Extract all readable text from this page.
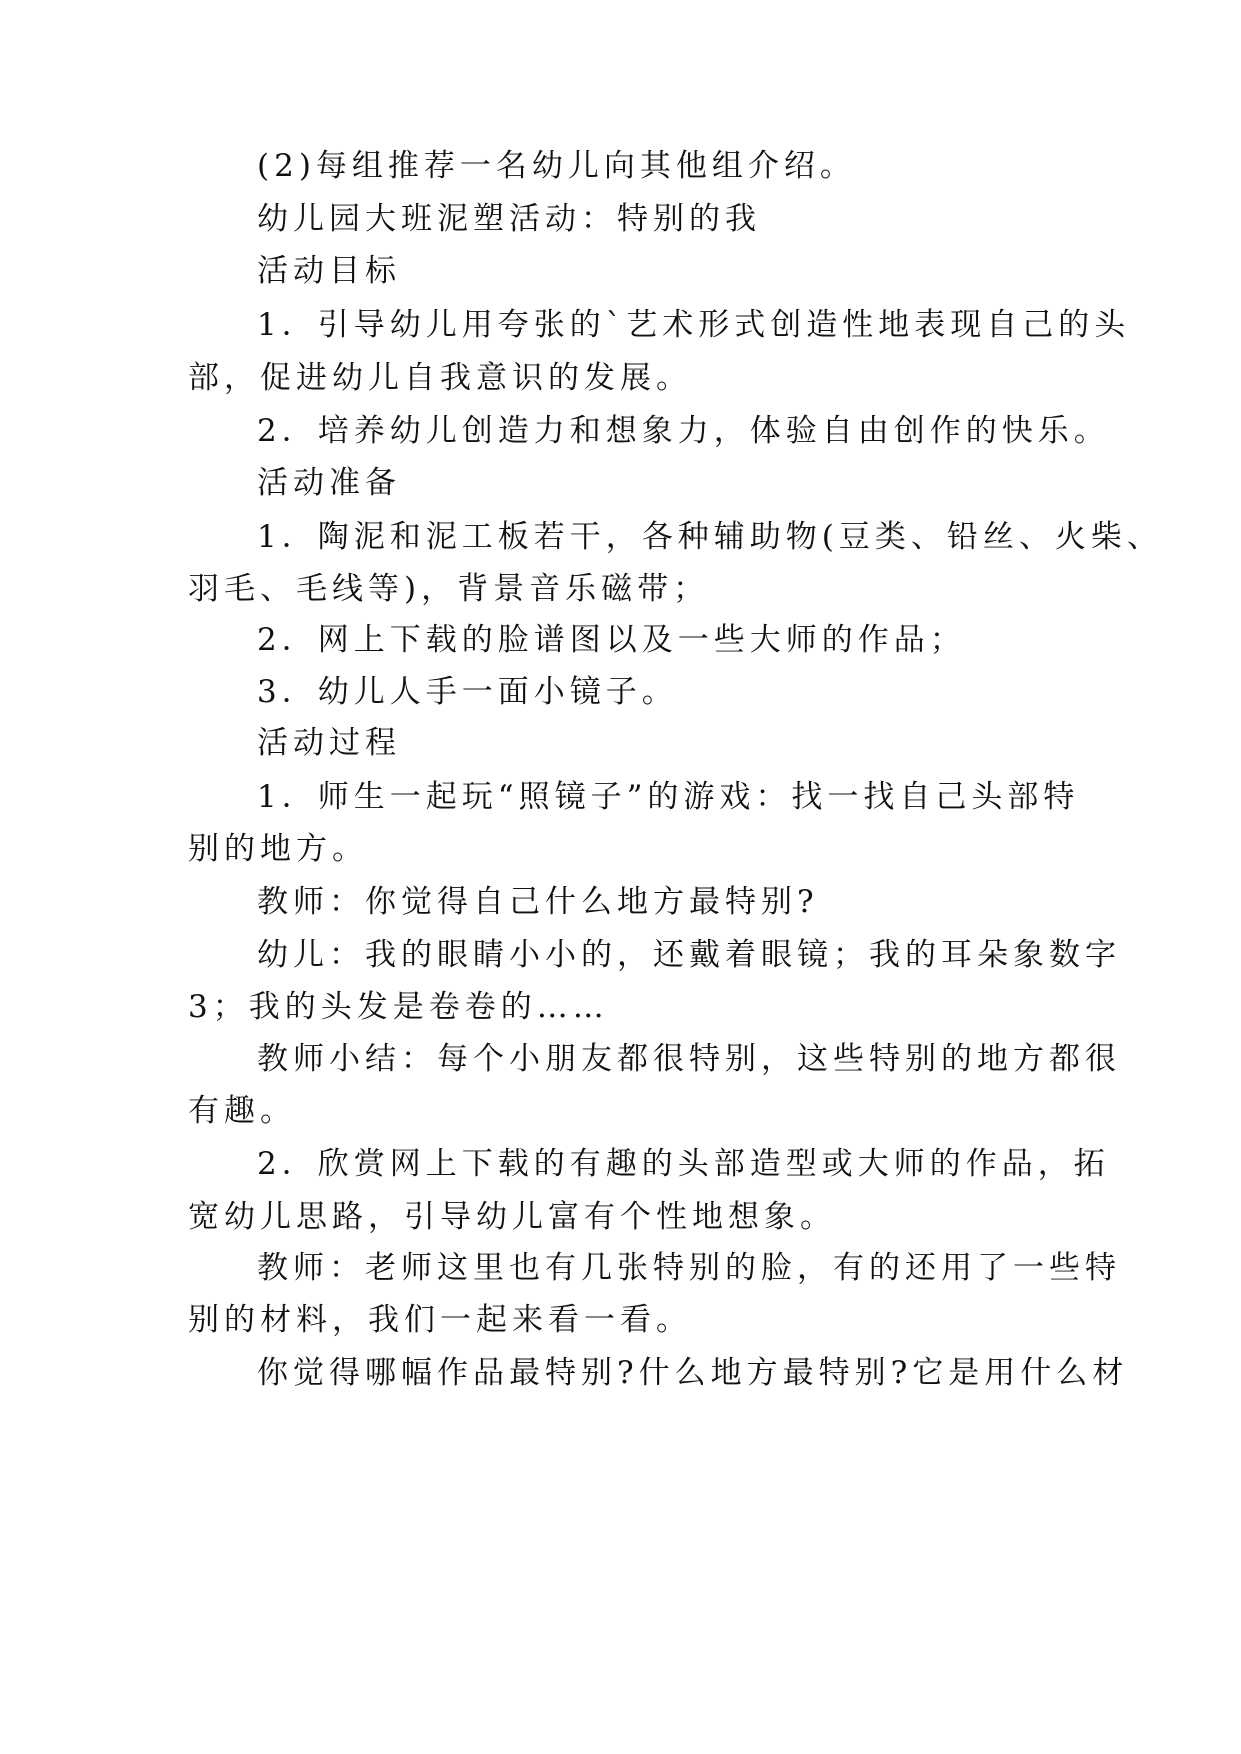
(2)每组推荐一名幼儿向其他组介绍。

幼儿园大班泥塑活动：特别的我

活动目标

1．引导幼儿用夸张的`艺术形式创造性地表现自己的头

部，促进幼儿自我意识的发展。

2．培养幼儿创造力和想象力，体验自由创作的快乐。

活动准备

1．陶泥和泥工板若干，各种辅助物(豆类、铅丝、火柴、

羽毛、毛线等)，背景音乐磁带；

2．网上下载的脸谱图以及一些大师的作品；

3．幼儿人手一面小镜子。

活动过程

1．师生一起玩“照镜子”的游戏：找一找自己头部特

别的地方。

教师：你觉得自己什么地方最特别?

幼儿：我的眼睛小小的，还戴着眼镜；我的耳朵象数字

3；我的头发是卷卷的……

教师小结：每个小朋友都很特别，这些特别的地方都很

有趣。

2．欣赏网上下载的有趣的头部造型或大师的作品，拓

宽幼儿思路，引导幼儿富有个性地想象。

教师：老师这里也有几张特别的脸，有的还用了一些特

别的材料，我们一起来看一看。

你觉得哪幅作品最特别?什么地方最特别?它是用什么材
